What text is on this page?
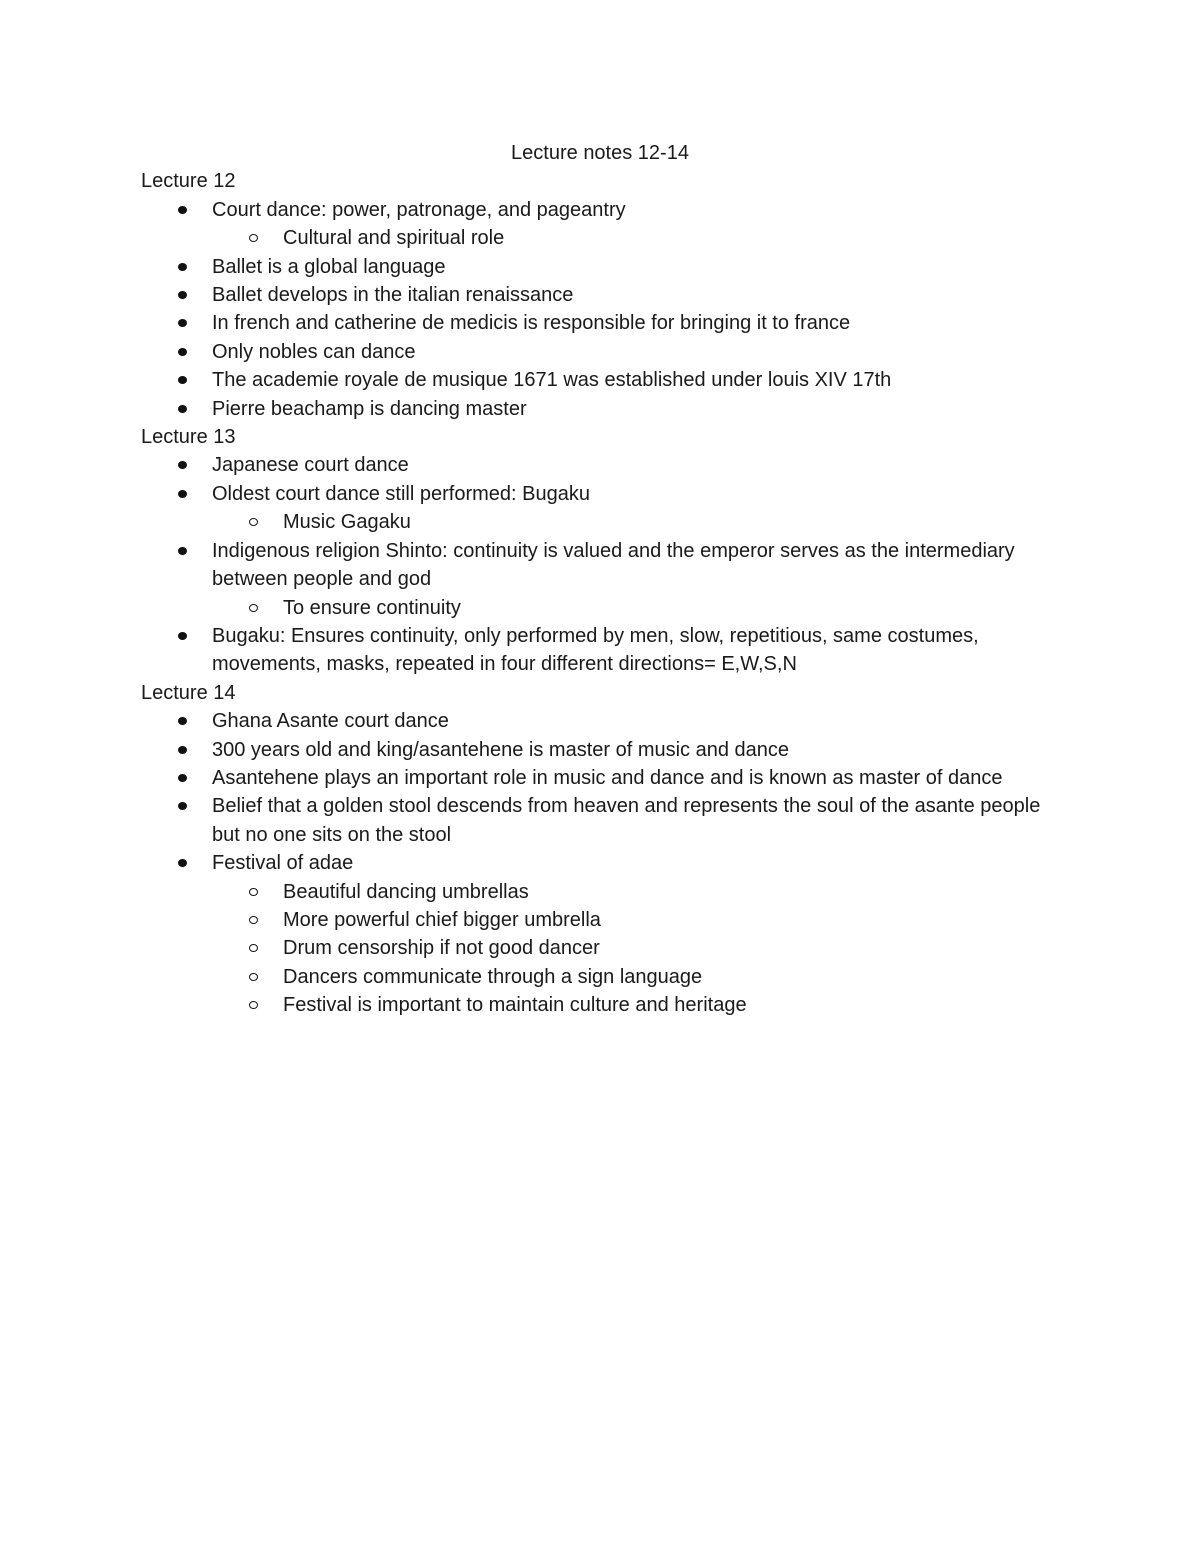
Lecture notes 12-14
Lecture 12
Court dance: power, patronage, and pageantry
Cultural and spiritual role
Ballet is a global language
Ballet develops in the italian renaissance
In french and catherine de medicis is responsible for bringing it to france
Only nobles can dance
The academie royale de musique 1671 was established under louis XIV 17th
Pierre beachamp is dancing master
Lecture 13
Japanese court dance
Oldest court dance still performed: Bugaku
Music Gagaku
Indigenous religion Shinto: continuity is valued and the emperor serves as the intermediary between people and god
To ensure continuity
Bugaku: Ensures continuity, only performed by men, slow, repetitious, same costumes, movements, masks, repeated in four different directions= E,W,S,N
Lecture 14
Ghana Asante court dance
300 years old and king/asantehene is master of music and dance
Asantehene plays an important role in music and dance and is known as master of dance
Belief that a golden stool descends from heaven and represents the soul of the asante people but no one sits on the stool
Festival of adae
Beautiful dancing umbrellas
More powerful chief bigger umbrella
Drum censorship if not good dancer
Dancers communicate through a sign language
Festival is important to maintain culture and heritage
